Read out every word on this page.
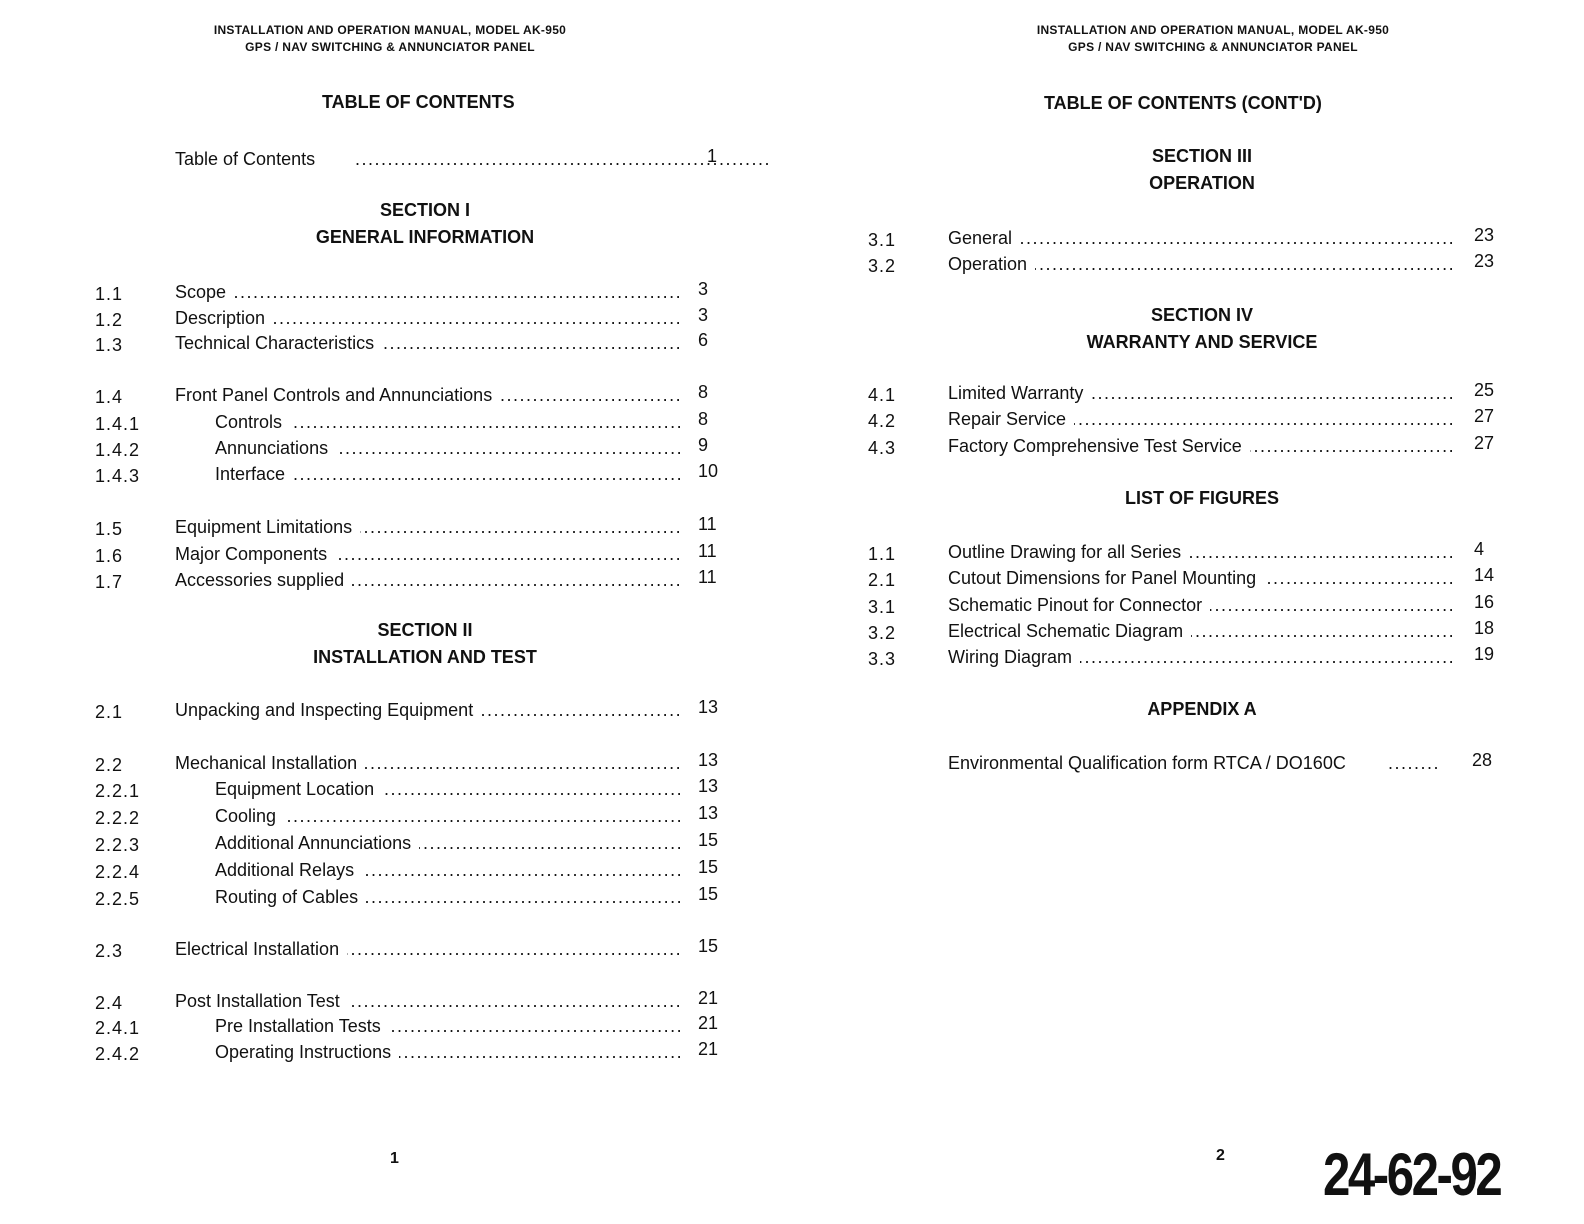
INSTALLATION AND OPERATION MANUAL, MODEL AK-950
GPS / NAV SWITCHING & ANNUNCIATOR PANEL
TABLE OF CONTENTS
Table of Contents .....	1
SECTION I
GENERAL INFORMATION
1.1 .....	Scope	3
1.2 .....	Description	3
1.3 .....	Technical Characteristics	6
1.4 .....	Front Panel Controls and Annunciations	8
1.4.1 .....	Controls	8
1.4.2 .....	Annunciations	9
1.4.3 .....	Interface	10
1.5 .....	Equipment Limitations	11
1.6 .....	Major Components	11
1.7 .....	Accessories supplied	11
2.1 .....	Unpacking and Inspecting Equipment	13
2.2 .....	Mechanical Installation	13
2.2.1 .....	Equipment Location	13
2.2.2 .....	Cooling	13
2.2.3 .....	Additional Annunciations	15
2.2.4 .....	Additional Relays	15
2.2.5 .....	Routing of Cables	15
2.3 .....	Electrical Installation	15
2.4 .....	Post Installation Test	21
2.4.1 .....	Pre Installation Tests	21
2.4.2 .....	Operating Instructions	21
SECTION II
INSTALLATION AND TEST
1
INSTALLATION AND OPERATION MANUAL, MODEL AK-950
GPS / NAV SWITCHING & ANNUNCIATOR PANEL
TABLE OF CONTENTS (CONT'D)
SECTION III
OPERATION
SECTION IV
WARRANTY AND SERVICE
LIST OF FIGURES
APPENDIX A
3.1 .....	General	23
3.2 .....	Operation	23
4.1 .....	Limited Warranty	25
4.2 .....	Repair Service	27
4.3 .....	Factory Comprehensive Test Service	27
1.1 .....	Outline Drawing for all Series	4
2.1 .....	Cutout Dimensions for Panel Mounting	14
3.1 .....	Schematic Pinout for Connector	16
3.2 .....	Electrical Schematic Diagram	18
3.3 .....	Wiring Diagram	19
Environmental Qualification form RTCA / DO160C .....	28
2 24-62-92
